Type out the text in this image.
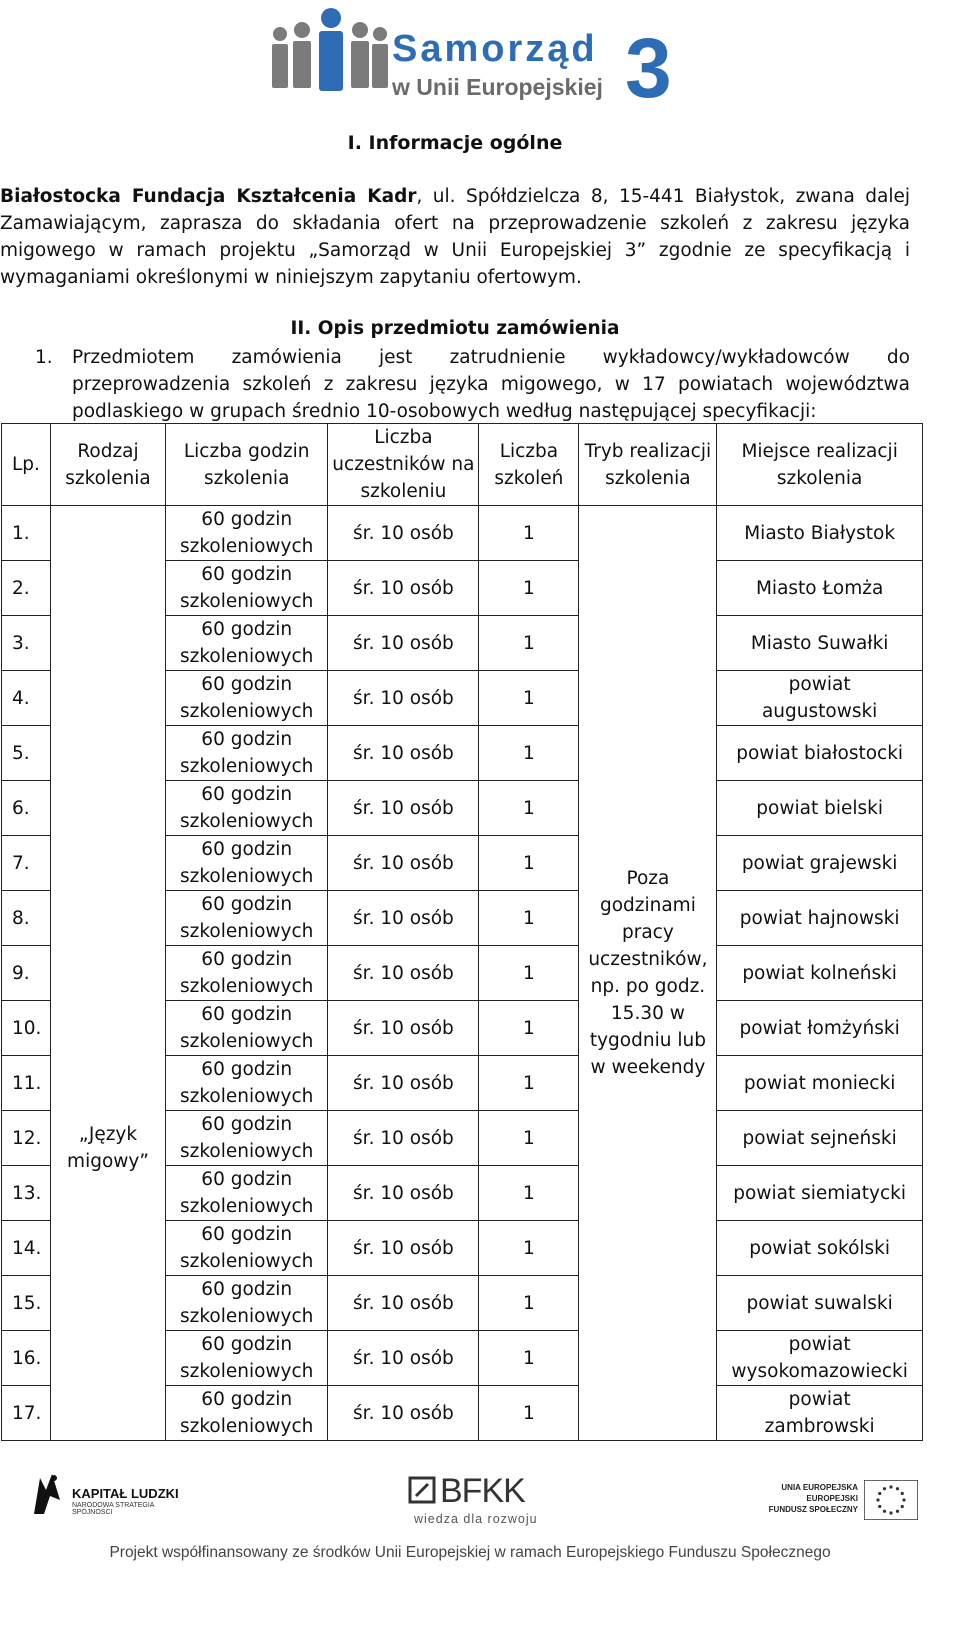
Samorząd
w Unii Europejskiej 3
I. Informacje ogólne
Białostocka Fundacja Kształcenia Kadr, ul. Spółdzielcza 8, 15-441 Białystok, zwana dalej Zamawiającym, zaprasza do składania ofert na przeprowadzenie szkoleń z zakresu języka migowego w ramach projektu „Samorząd w Unii Europejskiej 3” zgodnie ze specyfikacją i wymaganiami określonymi w niniejszym zapytaniu ofertowym.
II. Opis przedmiotu zamówienia
1. Przedmiotem zamówienia jest zatrudnienie wykładowcy/wykładowców do przeprowadzenia szkoleń z zakresu języka migowego, w 17 powiatach województwa podlaskiego w grupach średnio 10-osobowych według następującej specyfikacji:
Lp.	Rodzaj szkolenia	Liczba godzin szkolenia	Liczba uczestników na szkoleniu	Liczba szkoleń	Tryb realizacji szkolenia	Miejsce realizacji szkolenia
1.	„Język migowy”	60 godzin szkoleniowych	śr. 10 osób	1	Poza godzinami pracy uczestników, np. po godz. 15.30 w tygodniu lub w weekendy	Miasto Białystok
2.		60 godzin szkoleniowych	śr. 10 osób	1		Miasto Łomża
3.		60 godzin szkoleniowych	śr. 10 osób	1		Miasto Suwałki
4.		60 godzin szkoleniowych	śr. 10 osób	1		powiat augustowski
5.		60 godzin szkoleniowych	śr. 10 osób	1		powiat białostocki
6.		60 godzin szkoleniowych	śr. 10 osób	1		powiat bielski
7.		60 godzin szkoleniowych	śr. 10 osób	1		powiat grajewski
8.		60 godzin szkoleniowych	śr. 10 osób	1		powiat hajnowski
9.		60 godzin szkoleniowych	śr. 10 osób	1		powiat kolneński
10.		60 godzin szkoleniowych	śr. 10 osób	1		powiat łomżyński
11.		60 godzin szkoleniowych	śr. 10 osób	1		powiat moniecki
12.		60 godzin szkoleniowych	śr. 10 osób	1		powiat sejneński
13.		60 godzin szkoleniowych	śr. 10 osób	1		powiat siemiatycki
14.		60 godzin szkoleniowych	śr. 10 osób	1		powiat sokólski
15.		60 godzin szkoleniowych	śr. 10 osób	1		powiat suwalski
16.		60 godzin szkoleniowych	śr. 10 osób	1		powiat wysokomazowiecki
17.		60 godzin szkoleniowych	śr. 10 osób	1		powiat zambrowski
KAPITAŁ LUDZKI
NARODOWA STRATEGIA SPÓJNOŚCI
BFKK
wiedza dla rozwoju
UNIA EUROPEJSKA
EUROPEJSKI
FUNDUSZ SPOŁECZNY
Projekt współfinansowany ze środków Unii Europejskiej w ramach Europejskiego Funduszu Społecznego
